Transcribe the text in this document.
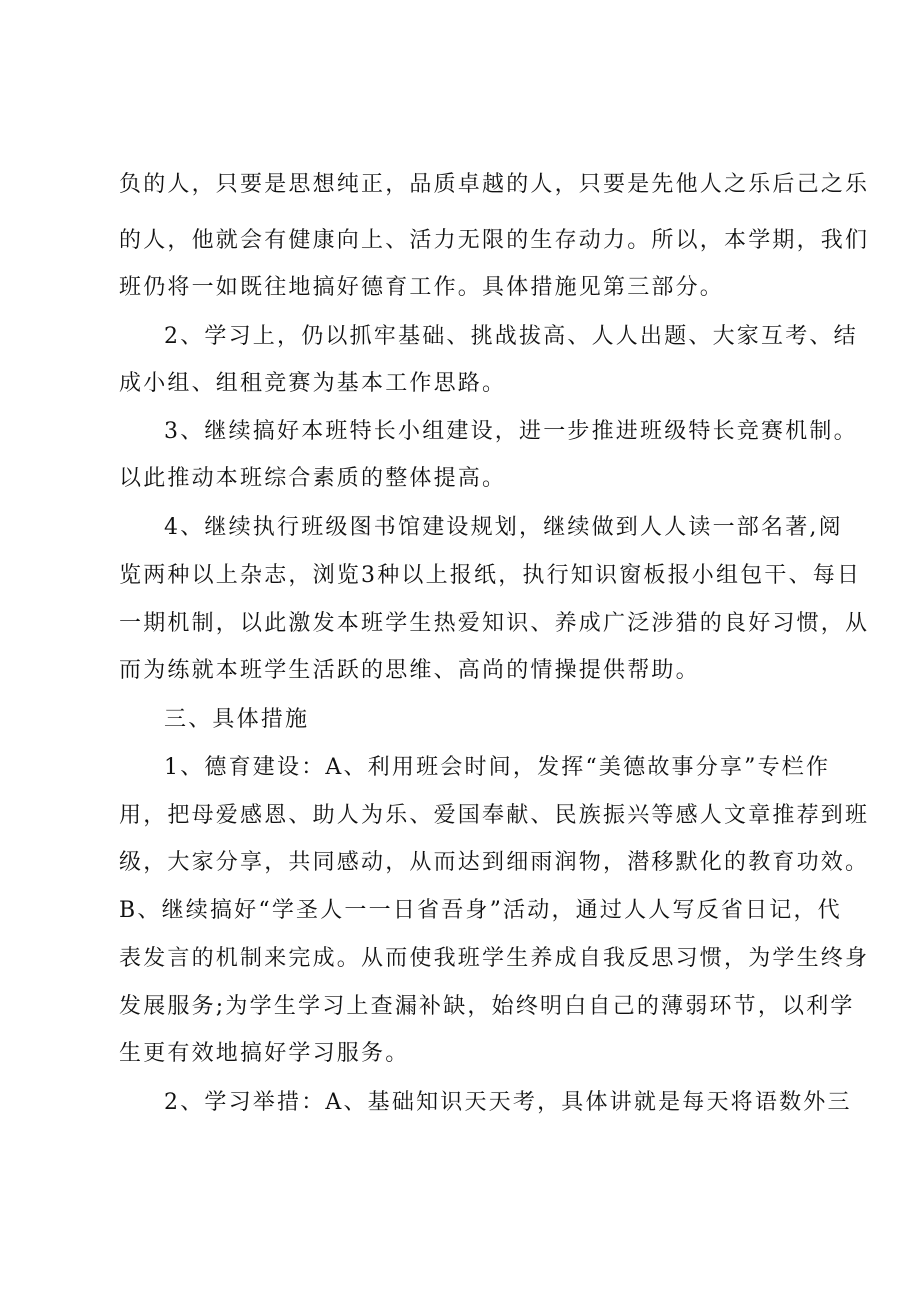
负的人，只要是思想纯正，品质卓越的人，只要是先他人之乐后己之乐
的人，他就会有健康向上、活力无限的生存动力。所以，本学期，我们
班仍将一如既往地搞好德育工作。具体措施见第三部分。
2、学习上，仍以抓牢基础、挑战拔高、人人出题、大家互考、结
成小组、组租竞赛为基本工作思路。
3、继续搞好本班特长小组建设，进一步推进班级特长竞赛机制。
以此推动本班综合素质的整体提高。
4、继续执行班级图书馆建设规划，继续做到人人读一部名著,阅
览两种以上杂志，浏览3种以上报纸，执行知识窗板报小组包干、每日
一期机制，以此激发本班学生热爱知识、养成广泛涉猎的良好习惯，从
而为练就本班学生活跃的思维、高尚的情操提供帮助。
三、具体措施
1、德育建设：A、利用班会时间，发挥“美德故事分享”专栏作
用，把母爱感恩、助人为乐、爱国奉献、民族振兴等感人文章推荐到班
级，大家分享，共同感动，从而达到细雨润物，潜移默化的教育功效。
B、继续搞好“学圣人一一日省吾身”活动，通过人人写反省日记，代
表发言的机制来完成。从而使我班学生养成自我反思习惯，为学生终身
发展服务;为学生学习上查漏补缺，始终明白自己的薄弱环节，以利学
生更有效地搞好学习服务。
2、学习举措：A、基础知识天天考，具体讲就是每天将语数外三
